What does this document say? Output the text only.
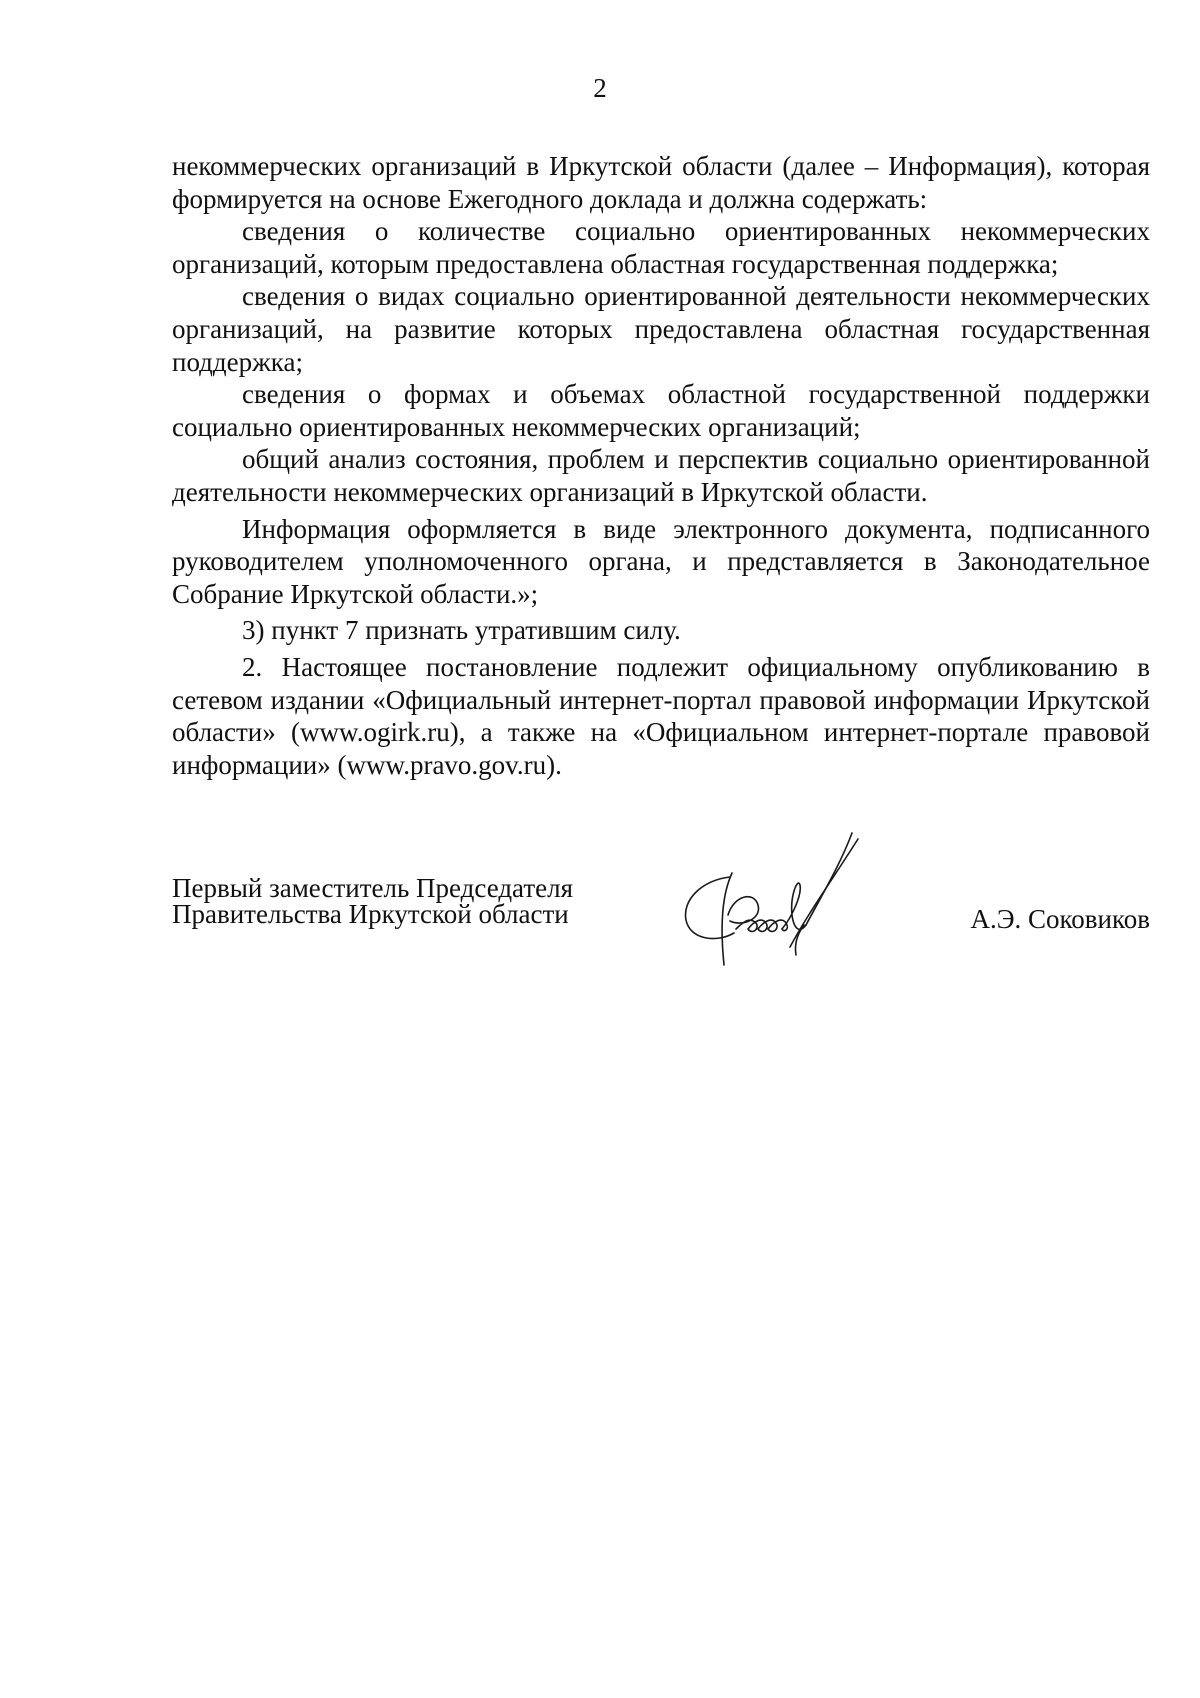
2

некоммерческих организаций в Иркутской области (далее – Информация), которая формируется на основе Ежегодного доклада и должна содержать:

сведения о количестве социально ориентированных некоммерческих организаций, которым предоставлена областная государственная поддержка;

сведения о видах социально ориентированной деятельности некоммерческих организаций, на развитие которых предоставлена областная государственная поддержка;

сведения о формах и объемах областной государственной поддержки социально ориентированных некоммерческих организаций;

общий анализ состояния, проблем и перспектив социально ориентированной деятельности некоммерческих организаций в Иркутской области.

Информация оформляется в виде электронного документа, подписанного руководителем уполномоченного органа, и представляется в Законодательное Собрание Иркутской области.»;

3) пункт 7 признать утратившим силу.

2. Настоящее постановление подлежит официальному опубликованию в сетевом издании «Официальный интернет-портал правовой информации Иркутской области» (www.ogirk.ru), а также на «Официальном интернет-портале правовой информации» (www.pravo.gov.ru).

Первый заместитель Председателя
Правительства Иркутской области	А.Э. Соковиков
